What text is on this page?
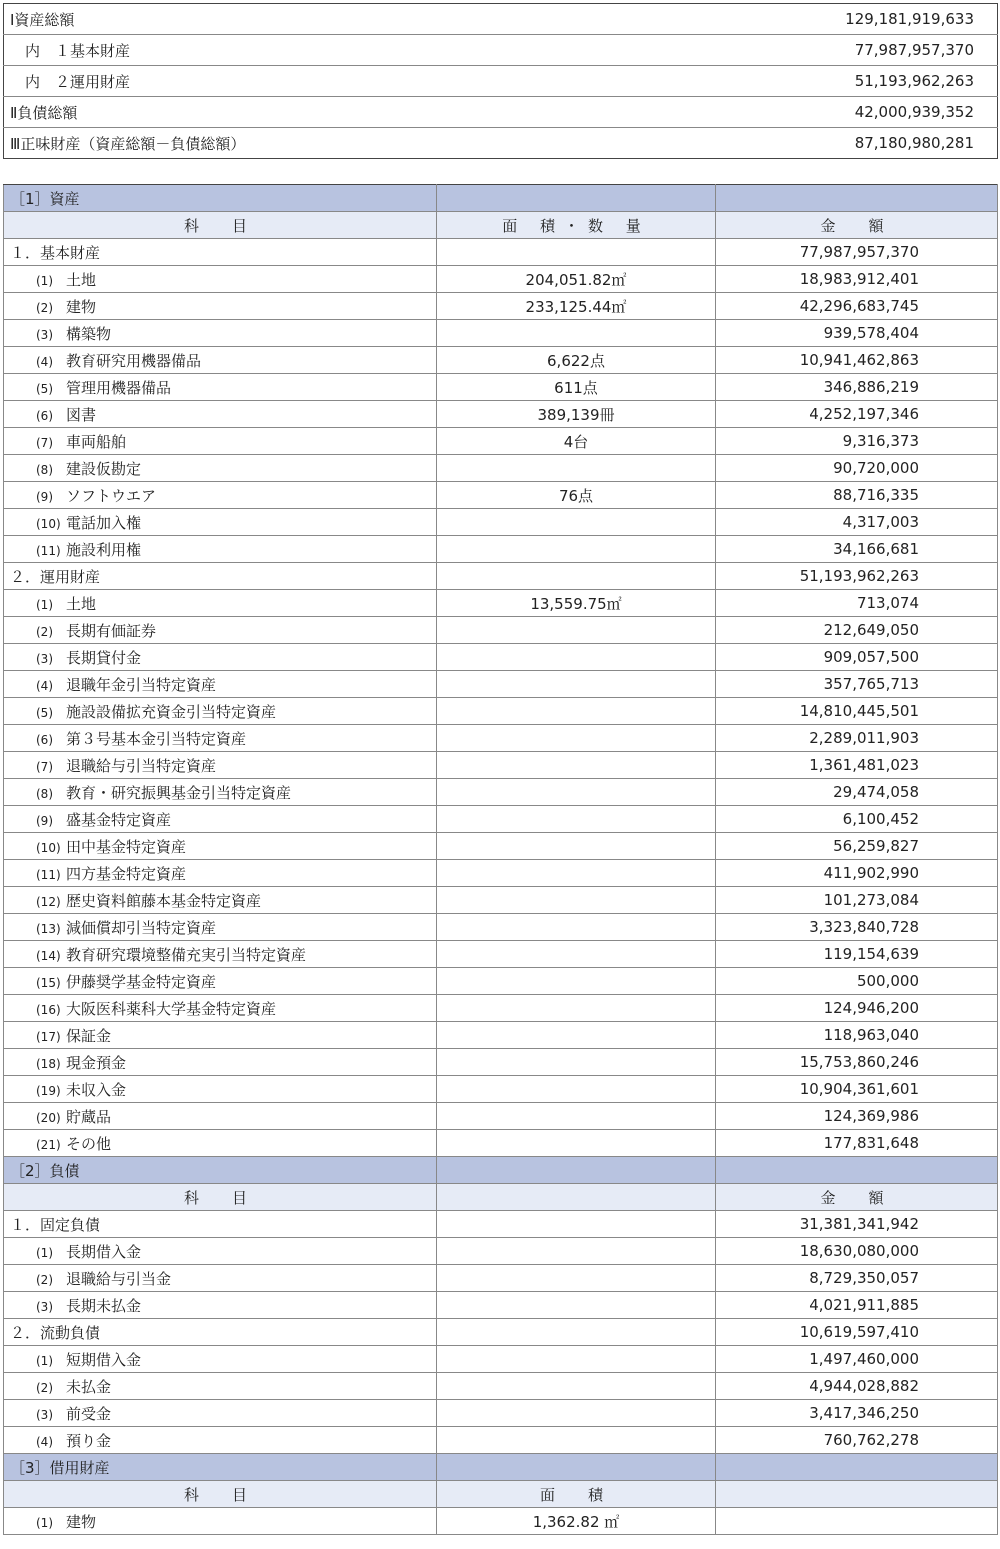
Ⅰ資産総額	129,181,919,633
　内　１基本財産	77,987,957,370
　内　２運用財産	51,193,962,263
Ⅱ負債総額	42,000,939,352
Ⅲ正味財産（資産総額－負債総額）	87,180,980,281
［1］資産		
科　目	面 積・数 量	金　額
１．基本財産		77,987,957,370
(1) 土地	204,051.82㎡	18,983,912,401
(2) 建物	233,125.44㎡	42,296,683,745
(3) 構築物		939,578,404
(4) 教育研究用機器備品	6,622点	10,941,462,863
(5) 管理用機器備品	611点	346,886,219
(6) 図書	389,139冊	4,252,197,346
(7) 車両船舶	4台	9,316,373
(8) 建設仮勘定		90,720,000
(9) ソフトウエア	76点	88,716,335
(10) 電話加入権		4,317,003
(11) 施設利用権		34,166,681
２．運用財産		51,193,962,263
(1) 土地	13,559.75㎡	713,074
(2) 長期有価証券		212,649,050
(3) 長期貸付金		909,057,500
(4) 退職年金引当特定資産		357,765,713
(5) 施設設備拡充資金引当特定資産		14,810,445,501
(6) 第３号基本金引当特定資産		2,289,011,903
(7) 退職給与引当特定資産		1,361,481,023
(8) 教育・研究振興基金引当特定資産		29,474,058
(9) 盛基金特定資産		6,100,452
(10) 田中基金特定資産		56,259,827
(11) 四方基金特定資産		411,902,990
(12) 歴史資料館藤本基金特定資産		101,273,084
(13) 減価償却引当特定資産		3,323,840,728
(14) 教育研究環境整備充実引当特定資産		119,154,639
(15) 伊藤奨学基金特定資産		500,000
(16) 大阪医科薬科大学基金特定資産		124,946,200
(17) 保証金		118,963,040
(18) 現金預金		15,753,860,246
(19) 未収入金		10,904,361,601
(20) 貯蔵品		124,369,986
(21) その他		177,831,648
［2］負債		
科　目		金　額
１．固定負債		31,381,341,942
(1) 長期借入金		18,630,080,000
(2) 退職給与引当金		8,729,350,057
(3) 長期未払金		4,021,911,885
２．流動負債		10,619,597,410
(1) 短期借入金		1,497,460,000
(2) 未払金		4,944,028,882
(3) 前受金		3,417,346,250
(4) 預り金		760,762,278
［3］借用財産		
科　目	面　積	
(1) 建物	1,362.82 ㎡	
